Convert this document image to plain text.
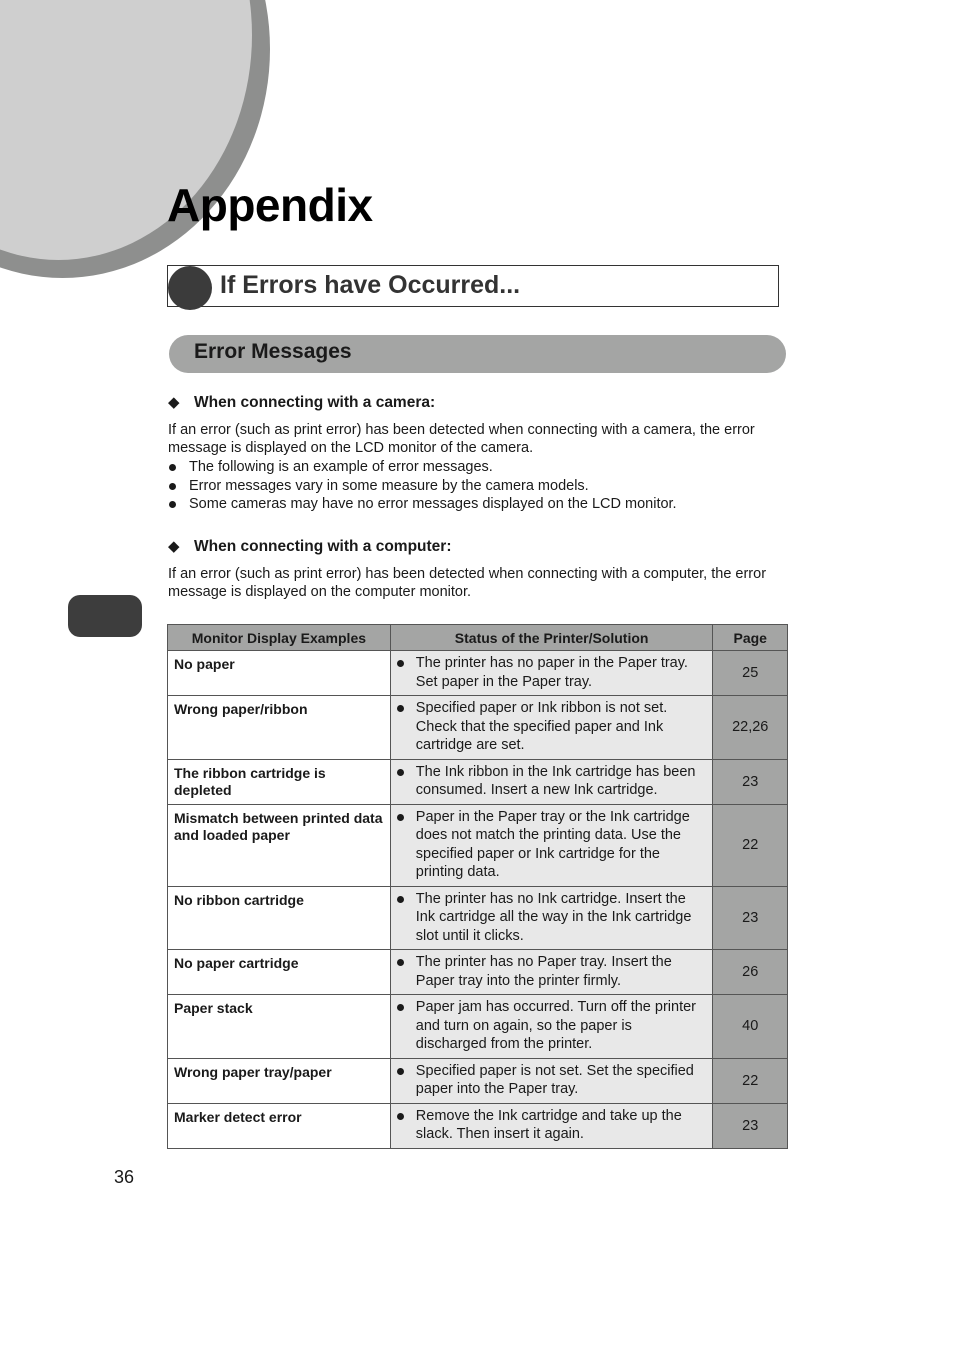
Appendix
If Errors have Occurred...
Error Messages

◆ When connecting with a camera:

If an error (such as print error) has been detected when connecting with a camera, the error
message is displayed on the LCD monitor of the camera.

The following is an example of error messages.
Error messages vary in some measure by the camera models.
Some cameras may have no error messages displayed on the LCD monitor.

◆ When connecting with a computer:

If an error (such as print error) has been detected when connecting with a computer, the error
message is displayed on the computer monitor.

Monitor Display Examples	Status of the Printer/Solution	Page
No paper	The printer has no paper in the Paper tray. Set paper in the Paper tray.	25
Wrong paper/ribbon	Specified paper or Ink ribbon is not set. Check that the specified paper and Ink cartridge are set.	22,26
The ribbon cartridge is depleted	The Ink ribbon in the Ink cartridge has been consumed. Insert a new Ink cartridge.	23
Mismatch between printed data and loaded paper	Paper in the Paper tray or the Ink cartridge does not match the printing data. Use the specified paper or Ink cartridge for the printing data.	22
No ribbon cartridge	The printer has no Ink cartridge. Insert the Ink cartridge all the way in the Ink cartridge slot until it clicks.	23
No paper cartridge	The printer has no Paper tray. Insert the Paper tray into the printer firmly.	26
Paper stack	Paper jam has occurred. Turn off the printer and turn on again, so the paper is discharged from the printer.	40
Wrong paper tray/paper	Specified paper is not set. Set the specified paper into the Paper tray.	22
Marker detect error	Remove the Ink cartridge and take up the slack. Then insert it again.	23

36
